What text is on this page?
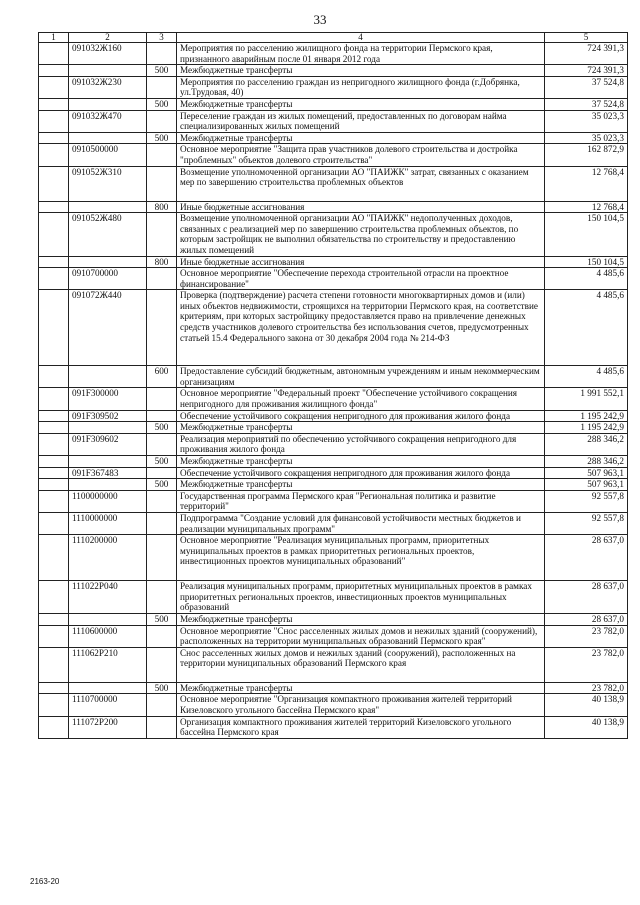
33
1	2	3	4	5
	091032Ж160		Мероприятия по расселению жилищного фонда на территории Пермского края, признанного аварийным после 01 января 2012 года	724 391,3
		500	Межбюджетные трансферты	724 391,3
	091032Ж230		Мероприятия по расселению граждан из непригодного жилищного фонда (г.Добрянка, ул.Трудовая, 40)	37 524,8
		500	Межбюджетные трансферты	37 524,8
	091032Ж470		Переселение граждан из жилых помещений, предоставленных по договорам найма специализированных жилых помещений	35 023,3
		500	Межбюджетные трансферты	35 023,3
	0910500000		Основное мероприятие "Защита прав участников долевого строительства и достройка "проблемных" объектов долевого строительства"	162 872,9
	091052Ж310		Возмещение уполномоченной организации АО "ПАИЖК" затрат, связанных с оказанием мер по завершению строительства проблемных объектов	12 768,4
		800	Иные бюджетные ассигнования	12 768,4
	091052Ж480		Возмещение уполномоченной организации АО "ПАИЖК" недополученных доходов, связанных с реализацией мер по завершению строительства проблемных объектов, по которым застройщик не выполнил обязательства по строительству и предоставлению жилых помещений	150 104,5
		800	Иные бюджетные ассигнования	150 104,5
	0910700000		Основное мероприятие "Обеспечение перехода строительной отрасли на проектное финансирование"	4 485,6
	091072Ж440		Проверка (подтверждение) расчета степени готовности многоквартирных домов и (или) иных объектов недвижимости, строящихся на территории Пермского края, на соответствие критериям, при которых застройщику предоставляется право на привлечение денежных средств участников долевого строительства без использования счетов, предусмотренных статьей 15.4 Федерального закона от 30 декабря 2004 года № 214-ФЗ	4 485,6
		600	Предоставление субсидий бюджетным, автономным учреждениям и иным некоммерческим организациям	4 485,6
	091F300000		Основное мероприятие "Федеральный проект "Обеспечение устойчивого сокращения непригодного для проживания жилищного фонда"	1 991 552,1
	091F309502		Обеспечение устойчивого сокращения непригодного для проживания жилого фонда	1 195 242,9
		500	Межбюджетные трансферты	1 195 242,9
	091F309602		Реализация мероприятий по обеспечению устойчивого сокращения непригодного для проживания жилого фонда	288 346,2
		500	Межбюджетные трансферты	288 346,2
	091F367483		Обеспечение устойчивого сокращения непригодного для проживания жилого фонда	507 963,1
		500	Межбюджетные трансферты	507 963,1
	1100000000		Государственная программа Пермского края "Региональная политика и развитие территорий"	92 557,8
	1110000000		Подпрограмма "Создание условий для финансовой устойчивости местных бюджетов и реализации муниципальных программ"	92 557,8
	1110200000		Основное мероприятие "Реализация муниципальных программ, приоритетных муниципальных проектов в рамках приоритетных региональных проектов, инвестиционных проектов муниципальных образований"	28 637,0
	111022Р040		Реализация муниципальных программ, приоритетных муниципальных проектов в рамках приоритетных региональных проектов, инвестиционных проектов муниципальных образований	28 637,0
		500	Межбюджетные трансферты	28 637,0
	1110600000		Основное мероприятие "Снос расселенных жилых домов и нежилых зданий (сооружений), расположенных на территории муниципальных образований Пермского края"	23 782,0
	111062Р210		Снос расселенных жилых домов и нежилых зданий (сооружений), расположенных на территории муниципальных образований Пермского края	23 782,0
		500	Межбюджетные трансферты	23 782,0
	1110700000		Основное мероприятие "Организация компактного проживания жителей территорий Кизеловского угольного бассейна Пермского края"	40 138,9
	111072Р200		Организация компактного проживания жителей территорий Кизеловского угольного бассейна Пермского края	40 138,9
2163-20
